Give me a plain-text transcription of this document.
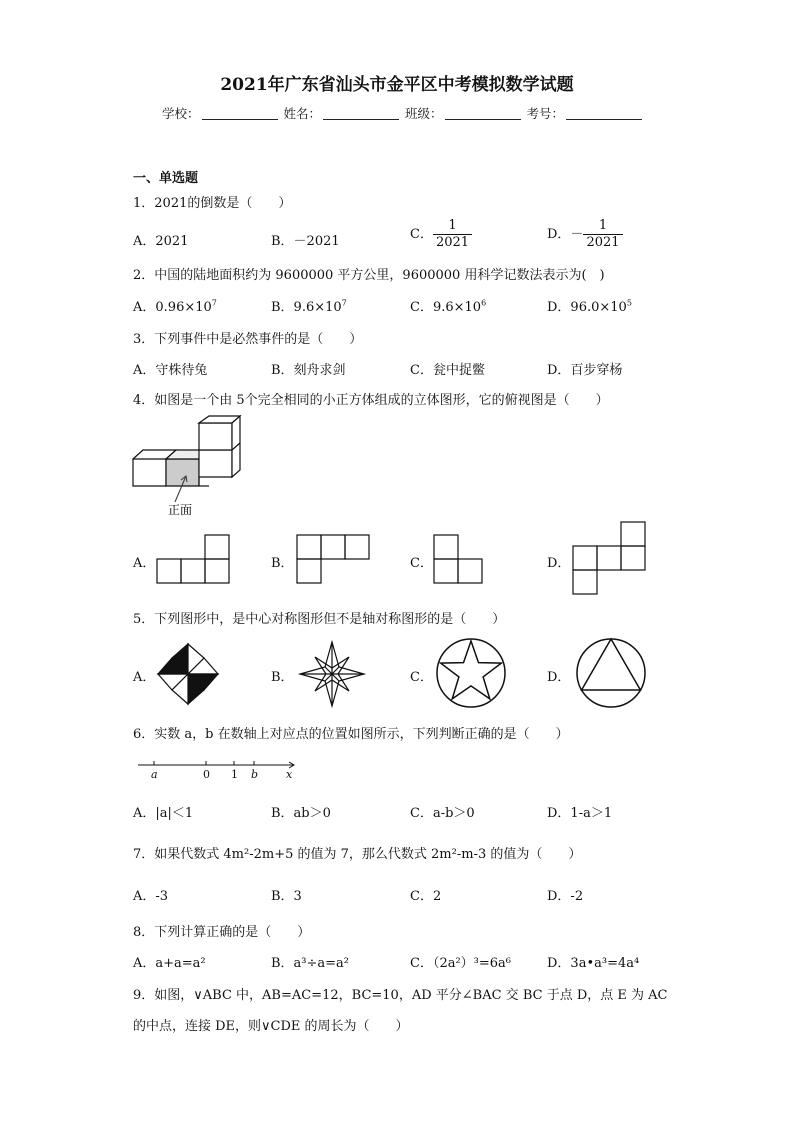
2021年广东省汕头市金平区中考模拟数学试题
学校：	姓名：	班级：	考号：
一、单选题
1．2021的倒数是（　　）
A．2021	B．－2021	C． $\frac{1}{2021}$	D．－ $\frac{1}{2021}$
2．中国的陆地面积约为 9600000 平方公里，9600000 用科学记数法表示为(　)
A．$0.96\times 10^7$	B．$9.6\times 10^7$	C．$9.6\times 10^6$	D．$96.0\times 10^5$
3．下列事件中是必然事件的是（　　）
A．守株待兔	B．刻舟求剑	C．瓮中捉鳖	D．百步穿杨
4．如图是一个由 5个完全相同的小正方体组成的立体图形，它的俯视图是（　　）
正面
A．	B．	C．	D．
5．下列图形中，是中心对称图形但不是轴对称图形的是（　　）
A．	B．	C．	D．
6．实数 a，b 在数轴上对应点的位置如图所示，下列判断正确的是（　　）
a	0 1 b	x
A．|a|＜1	B．ab＞0	C．a-b＞0	D．1-a＞1
7．如果代数式 4m²-2m+5 的值为 7，那么代数式 2m²-m-3 的值为（　　）
A．-3	B．3	C．2	D．-2
8．下列计算正确的是（　　）
A．a+a=a²	B．a³÷a=a²	C．（2a²）³=6a⁶	D．3a•a³=4a⁴
9．如图，∨ABC 中，AB=AC=12，BC=10，AD 平分∠BAC 交 BC 于点 D，点 E 为 AC
的中点，连接 DE，则∨CDE 的周长为（　　）
